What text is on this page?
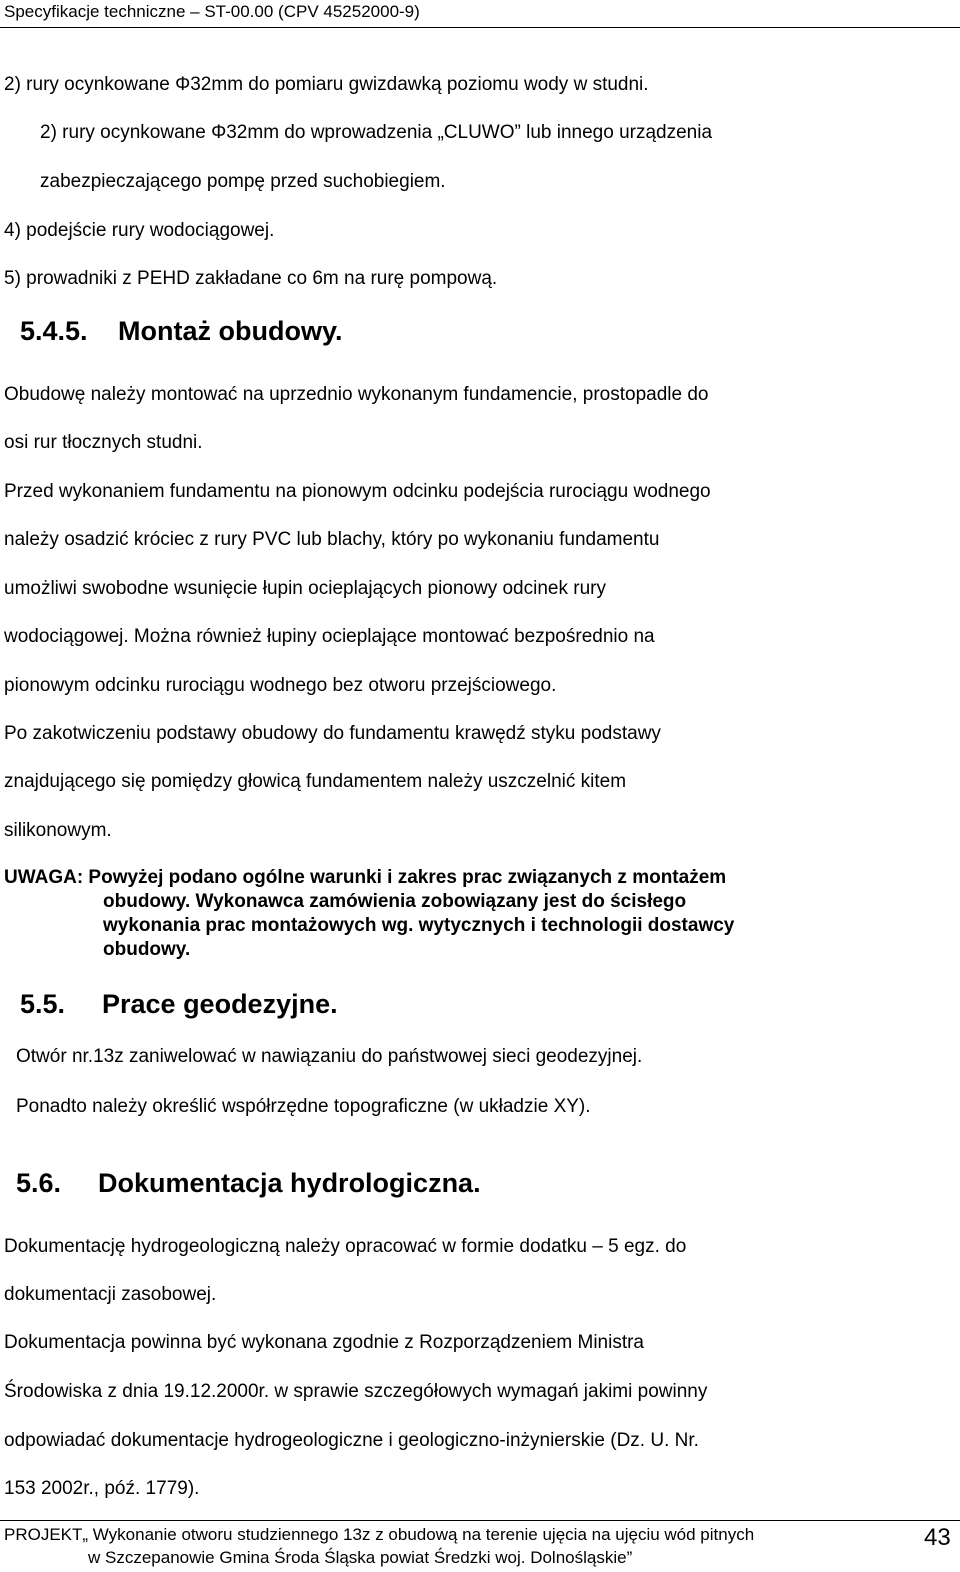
Specyfikacje techniczne – ST-00.00 (CPV 45252000-9)
2) rury ocynkowane Φ32mm do pomiaru gwizdawką poziomu wody w studni.
2) rury ocynkowane Φ32mm do wprowadzenia „CLUWO” lub innego urządzenia
zabezpieczającego pompę przed suchobiegiem.
4) podejście rury wodociągowej.
5) prowadniki z PEHD zakładane co 6m na rurę pompową.
5.4.5. Montaż obudowy.
Obudowę należy montować na uprzednio wykonanym fundamencie, prostopadle do
osi rur tłocznych studni.
Przed wykonaniem fundamentu na pionowym odcinku podejścia rurociągu wodnego
należy osadzić króciec z rury PVC lub blachy, który po wykonaniu fundamentu
umożliwi swobodne wsunięcie łupin ocieplających pionowy odcinek rury
wodociągowej. Można również łupiny ocieplające montować bezpośrednio na
pionowym odcinku rurociągu wodnego bez otworu przejściowego.
Po zakotwiczeniu podstawy obudowy do fundamentu krawędź styku podstawy
znajdującego się pomiędzy głowicą fundamentem należy uszczelnić kitem
silikonowym.
UWAGA: Powyżej podano ogólne warunki i zakres prac związanych z montażem
obudowy. Wykonawca zamówienia zobowiązany jest do ścisłego
wykonania prac montażowych wg. wytycznych i technologii dostawcy
obudowy.
5.5. Prace geodezyjne.
Otwór nr.13z zaniwelować w nawiązaniu do państwowej sieci geodezyjnej.
Ponadto należy określić współrzędne topograficzne (w układzie XY).
5.6. Dokumentacja hydrologiczna.
Dokumentację hydrogeologiczną należy opracować w formie dodatku – 5 egz. do
dokumentacji zasobowej.
Dokumentacja powinna być wykonana zgodnie z Rozporządzeniem Ministra
Środowiska z dnia 19.12.2000r. w sprawie szczegółowych wymagań jakimi powinny
odpowiadać dokumentacje hydrogeologiczne i geologiczno-inżynierskie (Dz. U. Nr.
153 2002r., póź. 1779).
PROJEKT„ Wykonanie otworu studziennego 13z z obudową na terenie ujęcia na ujęciu wód pitnych
w Szczepanowie Gmina Środa Śląska powiat Średzki woj. Dolnośląskie”
43
